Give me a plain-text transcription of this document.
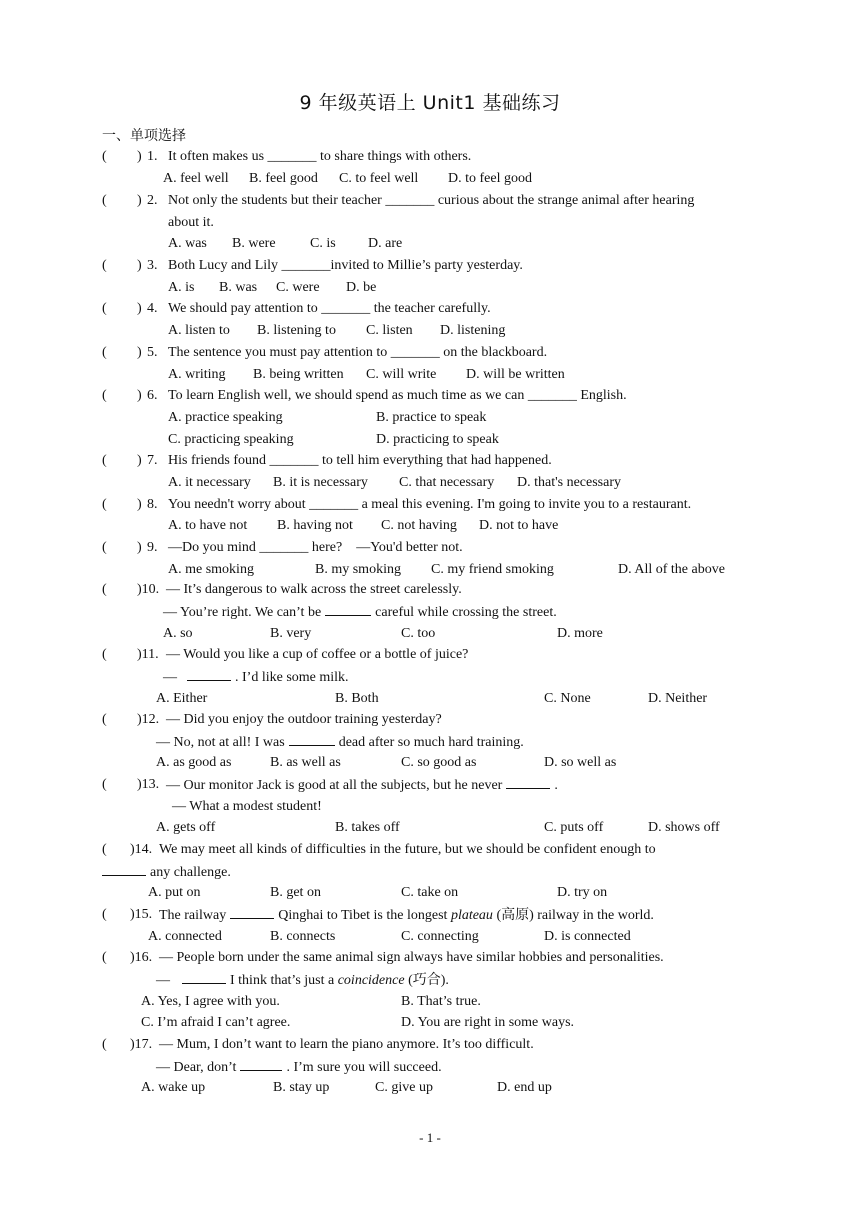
9 年级英语上 Unit1 基础练习
一、单项选择
( ) 1. It often makes us _______ to share things with others.
A. feel well B. feel good C. to feel well D. to feel good
( ) 2. Not only the students but their teacher _______ curious about the strange animal after hearing
about it.
A. was B. were C. is D. are
( ) 3. Both Lucy and Lily _______invited to Millie’s party yesterday.
A. is B. was C. were D. be
( ) 4. We should pay attention to _______ the teacher carefully.
A. listen to B. listening to C. listen D. listening
( ) 5. The sentence you must pay attention to _______ on the blackboard.
A. writing B. being written C. will write D. will be written
( ) 6. To learn English well, we should spend as much time as we can _______ English.
A. practice speaking	B. practice to speak
C. practicing speaking	D. practicing to speak
( ) 7. His friends found _______ to tell him everything that had happened.
A. it necessary B. it is necessary C. that necessary D. that's necessary
( ) 8. You needn't worry about _______ a meal this evening. I'm going to invite you to a restaurant.
A. to have not B. having not C. not having D. not to have
( ) 9. —Do you mind _______ here?    —You'd better not.
A. me smoking	B. my smoking C. my friend smoking	D. All of the above
( )10. — It’s dangerous to walk across the street carelessly.
— You’re right. We can’t be	careful while crossing the street.
A. so	B. very	C. too	D. more
( )11. — Would you like a cup of coffee or a bottle of juice?
—	. I’d like some milk.
A. Either	B. Both	C. None	D. Neither
( )12. — Did you enjoy the outdoor training yesterday?
— No, not at all! I was	dead after so much hard training.
A. as good as	B. as well as	C. so good as	D. so well as
( )13. — Our monitor Jack is good at all the subjects, but he never	.
— What a modest student!
A. gets off	B. takes off	C. puts off	D. shows off
( )14. We may meet all kinds of difficulties in the future, but we should be confident enough to
any challenge.
A. put on	B. get on	C. take on	D. try on
( )15. The railway	Qinghai to Tibet is the longest plateau (高原) railway in the world.
A. connected	B. connects	C. connecting	D. is connected
( )16. — People born under the same animal sign always have similar hobbies and personalities.
—	I think that’s just a coincidence (巧合).
A. Yes, I agree with you.	B. That’s true.
C. I’m afraid I can’t agree.	D. You are right in some ways.
( )17. — Mum, I don’t want to learn the piano anymore. It’s too difficult.
— Dear, don’t	. I’m sure you will succeed.
A. wake up	B. stay up	C. give up	D. end up
- 1 -
